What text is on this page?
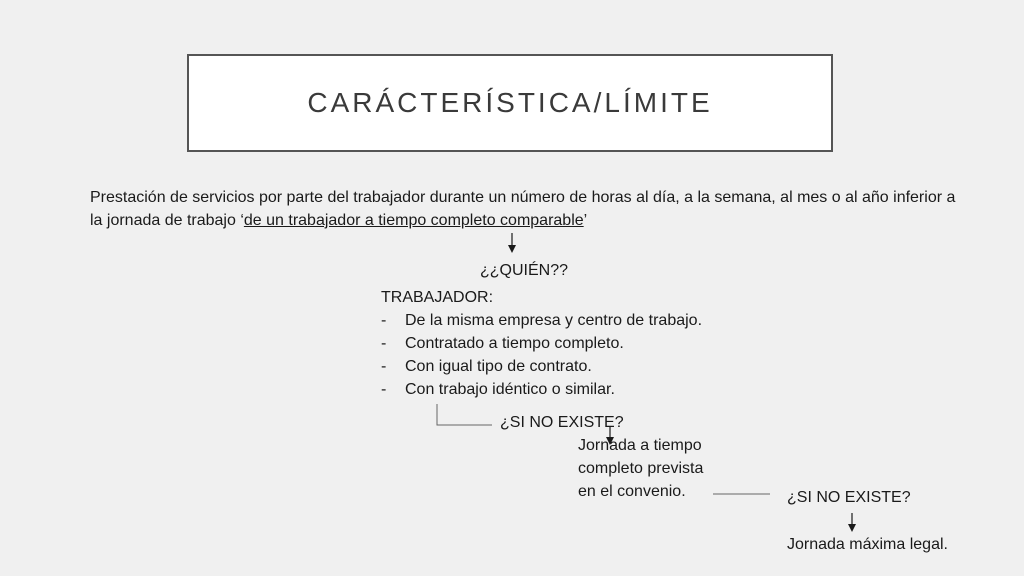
CARÁCTERÍSTICA/LÍMITE
Prestación de servicios por parte del trabajador durante un número de horas al día, a la semana, al mes o al año inferior a la jornada de trabajo ‘de un trabajador a tiempo completo comparable’
¿¿QUIÉN??
TRABAJADOR:
- De la misma empresa y centro de trabajo.
- Contratado a tiempo completo.
- Con igual tipo de contrato.
- Con trabajo idéntico o similar.
¿SI NO EXISTE?
Jornada a tiempo completo prevista en el convenio.	¿SI NO EXISTE?
Jornada máxima legal.
